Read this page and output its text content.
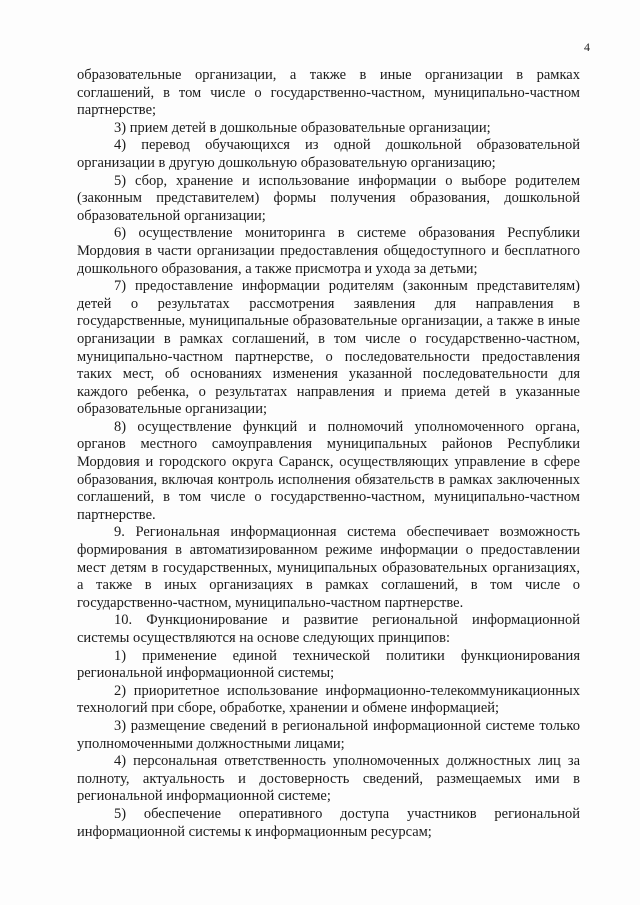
4

образовательные организации, а также в иные организации в рамках соглашений, в том числе о государственно-частном, муниципально-частном партнерстве;

3) прием детей в дошкольные образовательные организации;

4) перевод обучающихся из одной дошкольной образовательной организации в другую дошкольную образовательную организацию;

5) сбор, хранение и использование информации о выборе родителем (законным представителем) формы получения образования, дошкольной образовательной организации;

6) осуществление мониторинга в системе образования Республики Мордовия в части организации предоставления общедоступного и бесплатного дошкольного образования, а также присмотра и ухода за детьми;

7) предоставление информации родителям (законным представителям) детей о результатах рассмотрения заявления для направления в государственные, муниципальные образовательные организации, а также в иные организации в рамках соглашений, в том числе о государственно-частном, муниципально-частном партнерстве, о последовательности предоставления таких мест, об основаниях изменения указанной последовательности для каждого ребенка, о результатах направления и приема детей в указанные образовательные организации;

8) осуществление функций и полномочий уполномоченного органа, органов местного самоуправления муниципальных районов Республики Мордовия и городского округа Саранск, осуществляющих управление в сфере образования, включая контроль исполнения обязательств в рамках заключенных соглашений, в том числе о государственно-частном, муниципально-частном партнерстве.

9. Региональная информационная система обеспечивает возможность формирования в автоматизированном режиме информации о предоставлении мест детям в государственных, муниципальных образовательных организациях, а также в иных организациях в рамках соглашений, в том числе о государственно-частном, муниципально-частном партнерстве.

10. Функционирование и развитие региональной информационной системы осуществляются на основе следующих принципов:

1) применение единой технической политики функционирования региональной информационной системы;

2) приоритетное использование информационно-телекоммуникационных технологий при сборе, обработке, хранении и обмене информацией;

3) размещение сведений в региональной информационной системе только уполномоченными должностными лицами;

4) персональная ответственность уполномоченных должностных лиц за полноту, актуальность и достоверность сведений, размещаемых ими в региональной информационной системе;

5) обеспечение оперативного доступа участников региональной информационной системы к информационным ресурсам;
